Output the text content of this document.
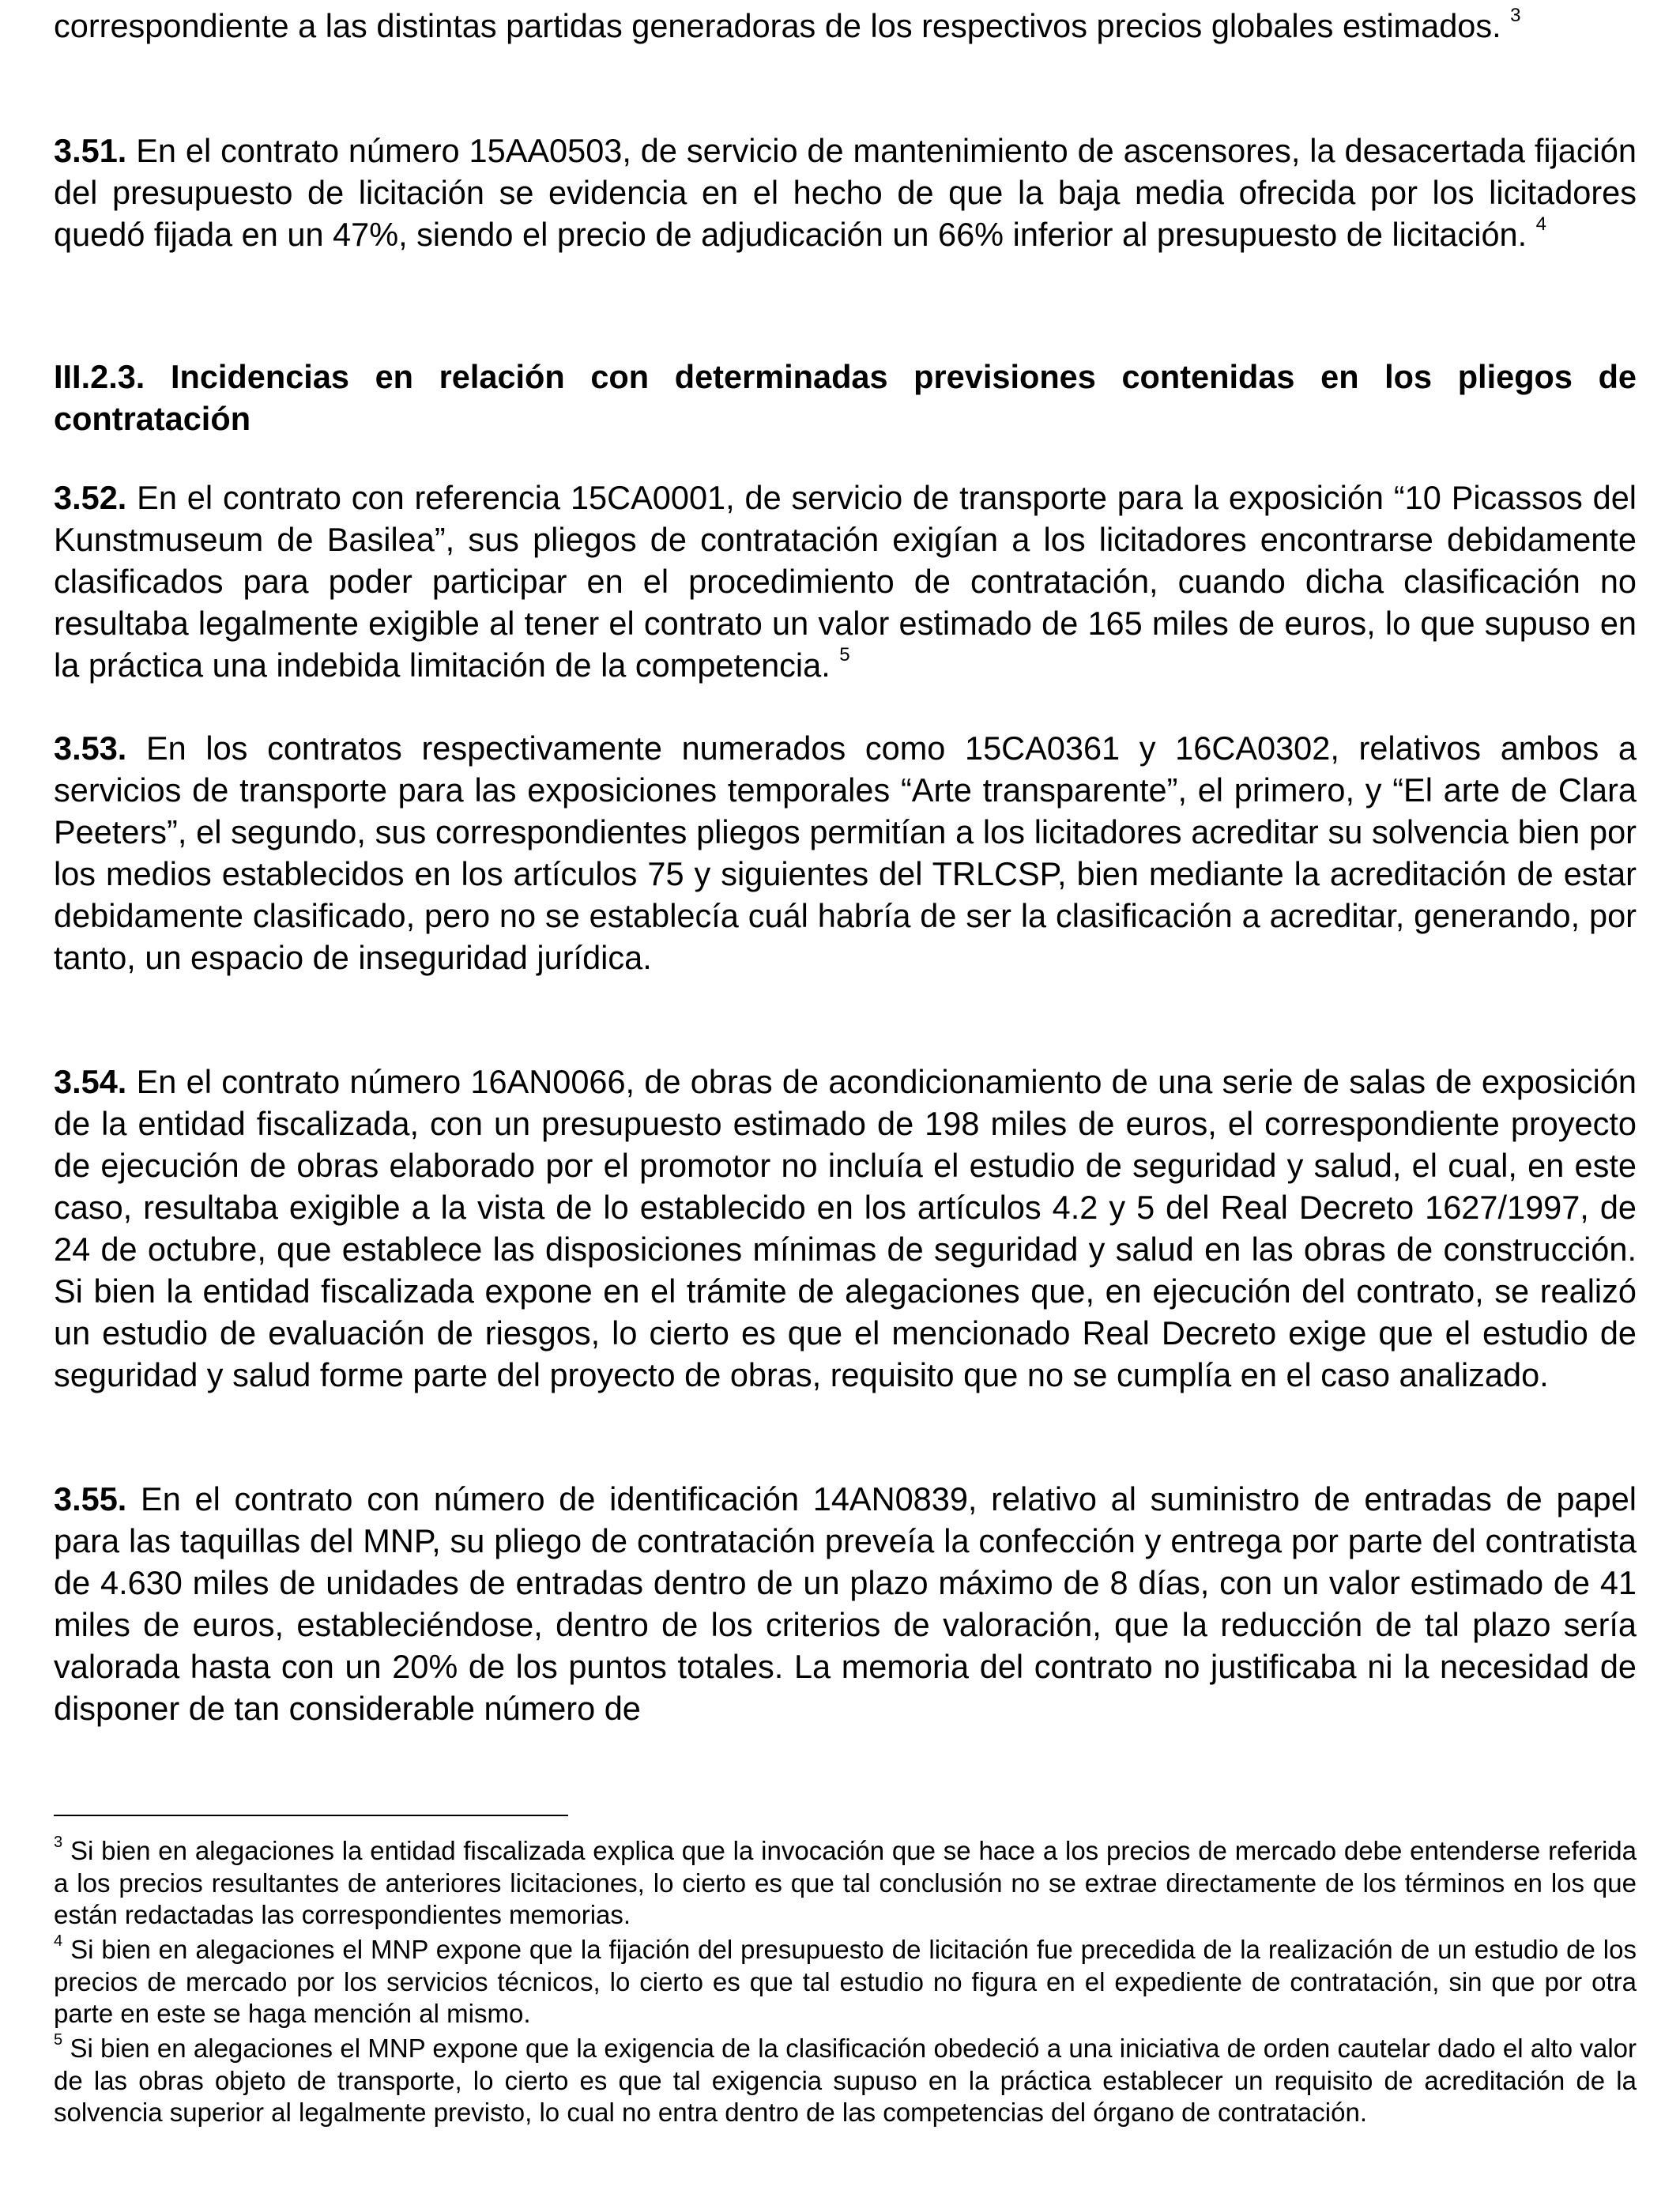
correspondiente a las distintas partidas generadoras de los respectivos precios globales estimados. $^3$

3.51. En el contrato número 15AA0503, de servicio de mantenimiento de ascensores, la desacertada fijación del presupuesto de licitación se evidencia en el hecho de que la baja media ofrecida por los licitadores quedó fijada en un 47%, siendo el precio de adjudicación un 66% inferior al presupuesto de licitación. $^4$

III.2.3. Incidencias en relación con determinadas previsiones contenidas en los pliegos de contratación

3.52. En el contrato con referencia 15CA0001, de servicio de transporte para la exposición “10 Picassos del Kunstmuseum de Basilea”, sus pliegos de contratación exigían a los licitadores encontrarse debidamente clasificados para poder participar en el procedimiento de contratación, cuando dicha clasificación no resultaba legalmente exigible al tener el contrato un valor estimado de 165 miles de euros, lo que supuso en la práctica una indebida limitación de la competencia. $^5$

3.53. En los contratos respectivamente numerados como 15CA0361 y 16CA0302, relativos ambos a servicios de transporte para las exposiciones temporales “Arte transparente”, el primero, y “El arte de Clara Peeters”, el segundo, sus correspondientes pliegos permitían a los licitadores acreditar su solvencia bien por los medios establecidos en los artículos 75 y siguientes del TRLCSP, bien mediante la acreditación de estar debidamente clasificado, pero no se establecía cuál habría de ser la clasificación a acreditar, generando, por tanto, un espacio de inseguridad jurídica.

3.54. En el contrato número 16AN0066, de obras de acondicionamiento de una serie de salas de exposición de la entidad fiscalizada, con un presupuesto estimado de 198 miles de euros, el correspondiente proyecto de ejecución de obras elaborado por el promotor no incluía el estudio de seguridad y salud, el cual, en este caso, resultaba exigible a la vista de lo establecido en los artículos 4.2 y 5 del Real Decreto 1627/1997, de 24 de octubre, que establece las disposiciones mínimas de seguridad y salud en las obras de construcción. Si bien la entidad fiscalizada expone en el trámite de alegaciones que, en ejecución del contrato, se realizó un estudio de evaluación de riesgos, lo cierto es que el mencionado Real Decreto exige que el estudio de seguridad y salud forme parte del proyecto de obras, requisito que no se cumplía en el caso analizado.

3.55. En el contrato con número de identificación 14AN0839, relativo al suministro de entradas de papel para las taquillas del MNP, su pliego de contratación preveía la confección y entrega por parte del contratista de 4.630 miles de unidades de entradas dentro de un plazo máximo de 8 días, con un valor estimado de 41 miles de euros, estableciéndose, dentro de los criterios de valoración, que la reducción de tal plazo sería valorada hasta con un 20% de los puntos totales. La memoria del contrato no justificaba ni la necesidad de disponer de tan considerable número de

$^3$ Si bien en alegaciones la entidad fiscalizada explica que la invocación que se hace a los precios de mercado debe entenderse referida a los precios resultantes de anteriores licitaciones, lo cierto es que tal conclusión no se extrae directamente de los términos en los que están redactadas las correspondientes memorias.

$^4$ Si bien en alegaciones el MNP expone que la fijación del presupuesto de licitación fue precedida de la realización de un estudio de los precios de mercado por los servicios técnicos, lo cierto es que tal estudio no figura en el expediente de contratación, sin que por otra parte en este se haga mención al mismo.

$^5$ Si bien en alegaciones el MNP expone que la exigencia de la clasificación obedeció a una iniciativa de orden cautelar dado el alto valor de las obras objeto de transporte, lo cierto es que tal exigencia supuso en la práctica establecer un requisito de acreditación de la solvencia superior al legalmente previsto, lo cual no entra dentro de las competencias del órgano de contratación.
